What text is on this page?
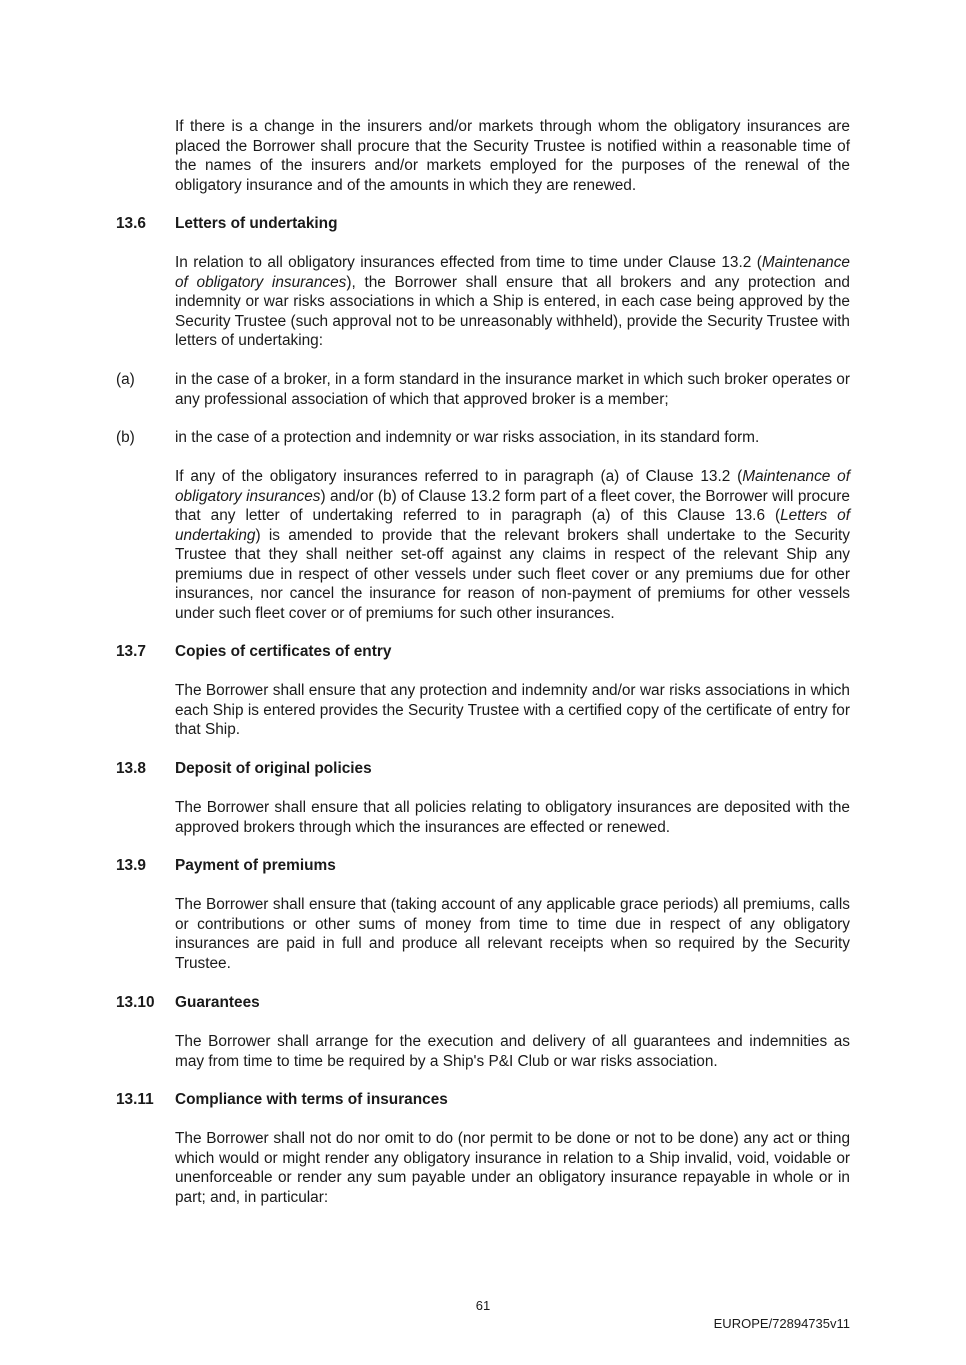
If there is a change in the insurers and/or markets through whom the obligatory insurances are placed the Borrower shall procure that the Security Trustee is notified within a reasonable time of the names of the insurers and/or markets employed for the purposes of the renewal of the obligatory insurance and of the amounts in which they are renewed.

13.6 Letters of undertaking

In relation to all obligatory insurances effected from time to time under Clause 13.2 (Maintenance of obligatory insurances), the Borrower shall ensure that all brokers and any protection and indemnity or war risks associations in which a Ship is entered, in each case being approved by the Security Trustee (such approval not to be unreasonably withheld), provide the Security Trustee with letters of undertaking:

(a)	in the case of a broker, in a form standard in the insurance market in which such broker operates or any professional association of which that approved broker is a member;

(b)	in the case of a protection and indemnity or war risks association, in its standard form.

If any of the obligatory insurances referred to in paragraph (a) of Clause 13.2 (Maintenance of obligatory insurances) and/or (b) of Clause 13.2 form part of a fleet cover, the Borrower will procure that any letter of undertaking referred to in paragraph (a) of this Clause 13.6 (Letters of undertaking) is amended to provide that the relevant brokers shall undertake to the Security Trustee that they shall neither set-off against any claims in respect of the relevant Ship any premiums due in respect of other vessels under such fleet cover or any premiums due for other insurances, nor cancel the insurance for reason of non-payment of premiums for other vessels under such fleet cover or of premiums for such other insurances.

13.7 Copies of certificates of entry

The Borrower shall ensure that any protection and indemnity and/or war risks associations in which each Ship is entered provides the Security Trustee with a certified copy of the certificate of entry for that Ship.

13.8 Deposit of original policies

The Borrower shall ensure that all policies relating to obligatory insurances are deposited with the approved brokers through which the insurances are effected or renewed.

13.9 Payment of premiums

The Borrower shall ensure that (taking account of any applicable grace periods) all premiums, calls or contributions or other sums of money from time to time due in respect of any obligatory insurances are paid in full and produce all relevant receipts when so required by the Security Trustee.

13.10 Guarantees

The Borrower shall arrange for the execution and delivery of all guarantees and indemnities as may from time to time be required by a Ship's P&I Club or war risks association.

13.11 Compliance with terms of insurances

The Borrower shall not do nor omit to do (nor permit to be done or not to be done) any act or thing which would or might render any obligatory insurance in relation to a Ship invalid, void, voidable or unenforceable or render any sum payable under an obligatory insurance repayable in whole or in part; and, in particular:

61
EUROPE/72894735v11
